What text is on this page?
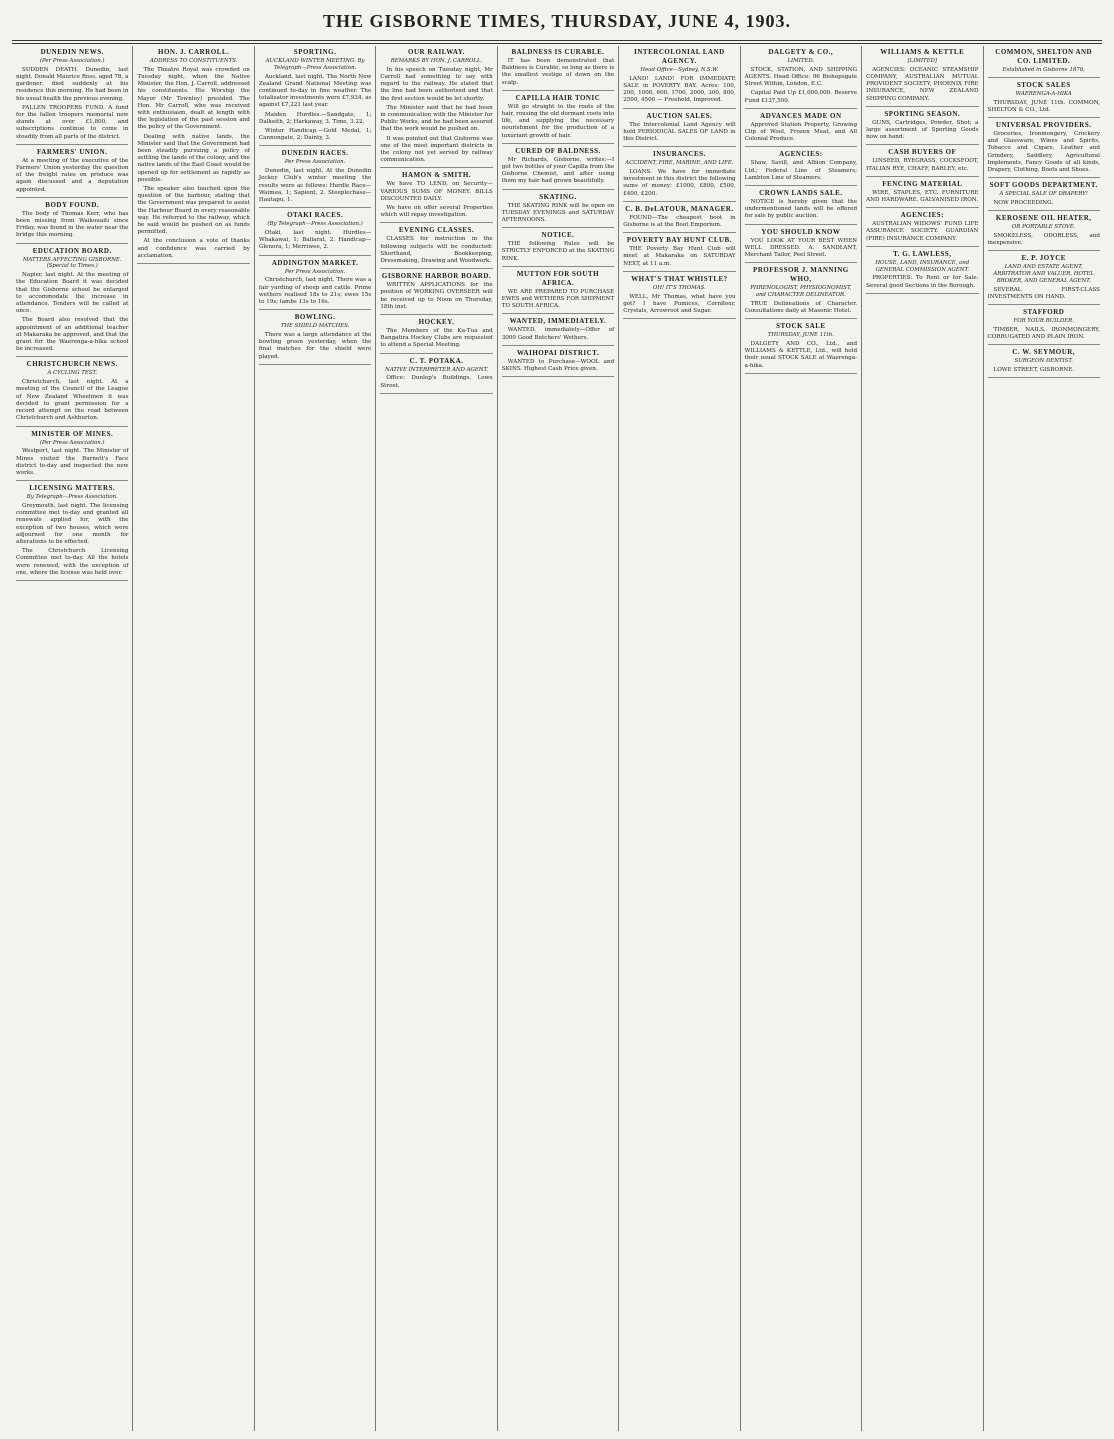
THE GISBORNE TIMES, THURSDAY, JUNE 4, 1903.
DUNEDIN NEWS.
(Per Press Association.)

SUDDEN DEATH. Dunedin, last night. Donald Maurice Ross, aged 78, a gardener, died suddenly at his residence this morning. He had been in his usual health the previous evening.

FALLEN TROOPERS FUND. A fund for the fallen troopers memorial now stands at over £1,800, and subscriptions continue to come in steadily from all parts of the district.

FARMERS' UNION.

At a meeting of the executive of the Farmers' Union yesterday the question of the freight rates on produce was again discussed and a deputation appointed.

BODY FOUND.

The body of Thomas Kerr, who has been missing from Waikouaiti since Friday, was found in the water near the bridge this morning.

EDUCATION BOARD.
MATTERS AFFECTING GISBORNE. (Special to Times.)

Napier, last night. At the meeting of the Education Board it was decided that the Gisborne school be enlarged to accommodate the increase in attendance. Tenders will be called at once.

The Board also resolved that the appointment of an additional teacher at Makaraka be approved, and that the grant for the Waerenga-a-hika school be increased.

CHRISTCHURCH NEWS.
A CYCLING TEST.

Christchurch, last night. At a meeting of the Council of the League of New Zealand Wheelmen it was decided to grant permission for a record attempt on the road between Christchurch and Ashburton.

MINISTER OF MINES.
(Per Press Association.)

Westport, last night. The Minister of Mines visited the Burnett's Face district to-day and inspected the new works.

LICENSING MATTERS.
By Telegraph—Press Association.

Greymouth, last night. The licensing committee met to-day and granted all renewals applied for, with the exception of two houses, which were adjourned for one month for alterations to be effected.

The Christchurch Licensing Committee met to-day. All the hotels were renewed, with the exception of one, where the license was held over.

HON. J. CARROLL.
ADDRESS TO CONSTITUENTS.

The Theatre Royal was crowded on Tuesday night, when the Native Minister, the Hon. J. Carroll, addressed his constituents. His Worship the Mayor (Mr Townley) presided. The Hon. Mr Carroll, who was received with enthusiasm, dealt at length with the legislation of the past session and the policy of the Government.

Dealing with native lands, the Minister said that the Government had been steadily pursuing a policy of settling the lands of the colony, and the native lands of the East Coast would be opened up for settlement as rapidly as possible.

The speaker also touched upon the question of the harbour, stating that the Government was prepared to assist the Harbour Board in every reasonable way. He referred to the railway, which he said would be pushed on as funds permitted.

At the conclusion a vote of thanks and confidence was carried by acclamation.

SPORTING.
AUCKLAND WINTER MEETING. By Telegraph—Press Association.

Auckland, last night. The North New Zealand Grand National Meeting was continued to-day in fine weather. The totalisator investments were £7,934, as against £7,221 last year.

Maiden Hurdles.—Sandgate, 1; Dalkeith, 2; Harkaway, 3. Time, 3.22.

Winter Handicap.—Gold Medal, 1; Cannongate, 2; Dainty, 3.

DUNEDIN RACES.
Per Press Association.

Dunedin, last night. At the Dunedin Jockey Club's winter meeting the results were as follows: Hurdle Race—Waimea, 1; Sapient, 2. Steeplechase—Hautapu, 1.

OTAKI RACES.
(By Telegraph—Press Association.)

Otaki, last night. Hurdles—Whakawai, 1; Ballarat, 2. Handicap—Glenora, 1; Merriwee, 2.

ADDINGTON MARKET.
Per Press Association.

Christchurch, last night. There was a fair yarding of sheep and cattle. Prime wethers realised 18s to 21s; ewes 15s to 19s; lambs 13s to 16s.

BOWLING.
THE SHIELD MATCHES.

There was a large attendance at the bowling green yesterday, when the final matches for the shield were played.

OUR RAILWAY.
REMARKS BY HON. J. CARROLL.

In his speech on Tuesday night, Mr Carroll had something to say with regard to the railway. He stated that the line had been authorised and that the first section would be let shortly.

The Minister said that he had been in communication with the Minister for Public Works, and he had been assured that the work would be pushed on.

It was pointed out that Gisborne was one of the most important districts in the colony not yet served by railway communication.

HAMON & SMITH.

We have TO LEND, on Security—VARIOUS SUMS OF MONEY. BILLS DISCOUNTED DAILY.

We have on offer several Properties which will repay investigation.

EVENING CLASSES.

CLASSES for instruction in the following subjects will be conducted: Shorthand, Bookkeeping, Dressmaking, Drawing and Woodwork.

GISBORNE HARBOR BOARD.

WRITTEN APPLICATIONS for the position of WORKING OVERSEER will be received up to Noon on Thursday, 18th inst.

HOCKEY.

The Members of the Ka-Tua and Rangatira Hockey Clubs are requested to attend a Special Meeting.

C. T. POTAKA.
NATIVE INTERPRETER AND AGENT.

Office: Dunlop's Buildings, Lowe Street.

BALDNESS IS CURABLE.

IT has been demonstrated that Baldness is Curable, so long as there is the smallest vestige of down on the scalp.

CAPILLA HAIR TONIC

Will go straight to the roots of the hair, rousing the old dormant roots into life, and supplying the necessary nourishment for the production of a luxuriant growth of hair.

CURED OF BALDNESS.

Mr Richards, Gisborne, writes:—I got two bottles of your Capilla from the Gisborne Chemist, and after using them my hair had grown beautifully.

SKATING.

THE SKATING RINK will be open on TUESDAY EVENINGS and SATURDAY AFTERNOONS.

NOTICE.

THE following Rules will be STRICTLY ENFORCED at the SKATING RINK.

MUTTON FOR SOUTH AFRICA.

WE ARE PREPARED TO PURCHASE EWES and WETHERS FOR SHIPMENT TO SOUTH AFRICA.

WANTED, IMMEDIATELY.

WANTED, immediately—Offer of 3000 Good Butchers' Wethers.

WAIHOPAI DISTRICT.

WANTED to Purchase—WOOL and SKINS. Highest Cash Price given.

INTERCOLONIAL LAND AGENCY.
Head Office—Sydney, N.S.W.

LAND! LAND! FOR IMMEDIATE SALE in POVERTY BAY. Acres: 100, 200, 1000, 600, 1700, 2000, 300, 800, 2500, 4500 — Freehold, Improved.

AUCTION SALES.

The Intercolonial Land Agency will hold PERIODICAL SALES OF LAND in this District.

INSURANCES.
ACCIDENT, FIRE, MARINE, AND LIFE.

LOANS. We have for immediate investment in this district the following sums of money: £1000, £800, £500, £400, £200.

C. B. DeLATOUR, MANAGER.

FOUND—The cheapest boot in Gisborne is at the Boot Emporium.

POVERTY BAY HUNT CLUB.

THE Poverty Bay Hunt Club will meet at Makaraka on SATURDAY NEXT, at 11 a.m.

WHAT'S THAT WHISTLE?
OH! IT'S THOMAS.

WELL, Mr Thomas, what have you got? I have Pumices, Cornflour, Crystals, Arrowroot and Sugar.

DALGETY & CO.,
LIMITED.

STOCK, STATION, AND SHIPPING AGENTS. Head Office: 96 Bishopsgate Street Within, London, E.C.

Capital Paid Up £1,000,000. Reserve Fund £137,500.

ADVANCES MADE ON

Approved Station Property, Growing Clip of Wool, Frozen Meat, and All Colonial Produce.

AGENCIES:

Shaw, Savill, and Albion Company, Ltd.; Federal Line of Steamers; Lambton Line of Steamers.

CROWN LANDS SALE.

NOTICE is hereby given that the undermentioned lands will be offered for sale by public auction.

YOU SHOULD KNOW

YOU LOOK AT YOUR BEST WHEN WELL DRESSED. A. SANDLANT, Merchant Tailor, Peel Street.

PROFESSOR J. MANNING WHO,
PHRENOLOGIST, PHYSIOGNOMIST, and CHARACTER DELINEATOR.

TRUE Delineations of Character. Consultations daily at Masonic Hotel.

STOCK SALE
THURSDAY, JUNE 11th.

DALGETY AND CO., Ltd., and WILLIAMS & KETTLE, Ltd., will hold their usual STOCK SALE at Waerenga-a-hika.

WILLIAMS & KETTLE
[LIMITED]

AGENCIES: OCEANIC STEAMSHIP COMPANY, AUSTRALIAN MUTUAL PROVIDENT SOCIETY, PHOENIX FIRE INSURANCE, NEW ZEALAND SHIPPING COMPANY.

SPORTING SEASON.

GUNS, Cartridges, Powder, Shot; a large assortment of Sporting Goods now on hand.

CASH BUYERS OF

LINSEED, RYEGRASS, COCKSFOOT, ITALIAN RYE, CHAFF, BARLEY, etc.

FENCING MATERIAL

WIRE, STAPLES, ETC. FURNITURE AND HARDWARE. GALVANISED IRON.

AGENCIES:

AUSTRALIAN WIDOWS' FUND LIFE ASSURANCE SOCIETY. GUARDIAN (FIRE) INSURANCE COMPANY.

T. G. LAWLESS,
HOUSE, LAND, INSURANCE, and GENERAL COMMISSION AGENT.

PROPERTIES: To Rent or for Sale. Several good Sections in the Borough.

COMMON, SHELTON AND CO. LIMITED.
Established in Gisborne 1876.
STOCK SALES
WAERENGA-A-HIKA

THURSDAY, JUNE 11th. COMMON, SHELTON & CO., Ltd.

UNIVERSAL PROVIDERS.

Groceries, Ironmongery, Crockery and Glassware, Wines and Spirits, Tobacco and Cigars, Leather and Grindery, Saddlery, Agricultural Implements, Fancy Goods of all kinds, Drapery, Clothing, Boots and Shoes.

SOFT GOODS DEPARTMENT.
A SPECIAL SALE OF DRAPERY!

NOW PROCEEDING.

KEROSENE OIL HEATER,
OR PORTABLE STOVE.

SMOKELESS, ODORLESS, and inexpensive.

E. P. JOYCE
LAND AND ESTATE AGENT, ARBITRATOR AND VALUER, HOTEL BROKER, AND GENERAL AGENT.

SEVERAL FIRST-CLASS INVESTMENTS ON HAND.

STAFFORD
FOR YOUR BUILDER.

TIMBER, NAILS, IRONMONGERY, CORRUGATED AND PLAIN IRON.

C. W. SEYMOUR,
SURGEON DENTIST.

LOWE STREET, GISBORNE.
